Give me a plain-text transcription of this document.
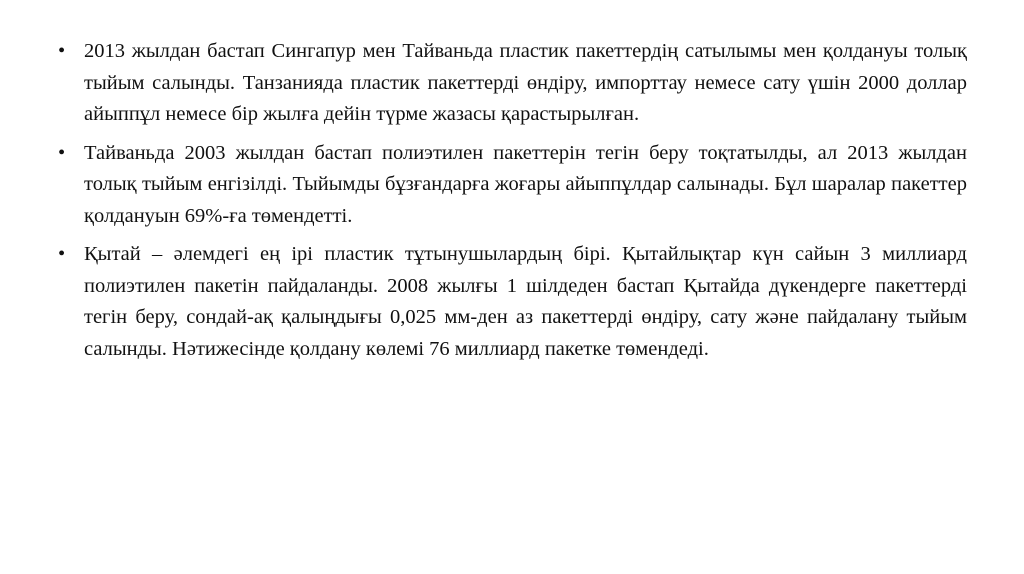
• 2013 жылдан бастап Сингапур мен Тайваньда пластик пакеттердің сатылымы мен қолдануы толық тыйым салынды. Танзанияда пластик пакеттерді өндіру, импорттау немесе сату үшін 2000 доллар айыппұл немесе бір жылға дейін түрме жазасы қарастырылған.
• Тайваньда 2003 жылдан бастап полиэтилен пакеттерін тегін беру тоқтатылды, ал 2013 жылдан толық тыйым енгізілді. Тыйымды бұзғандарға жоғары айыппұлдар салынады. Бұл шаралар пакеттер қолдануын 69%-ға төмендетті.
• Қытай – әлемдегі ең ірі пластик тұтынушылардың бірі. Қытайлықтар күн сайын 3 миллиард полиэтилен пакетін пайдаланды. 2008 жылғы 1 шілдеден бастап Қытайда дүкендерге пакеттерді тегін беру, сондай-ақ қалыңдығы 0,025 мм-ден аз пакеттерді өндіру, сату және пайдалану тыйым салынды. Нәтижесінде қолдану көлемі 76 миллиард пакетке төмендеді.
